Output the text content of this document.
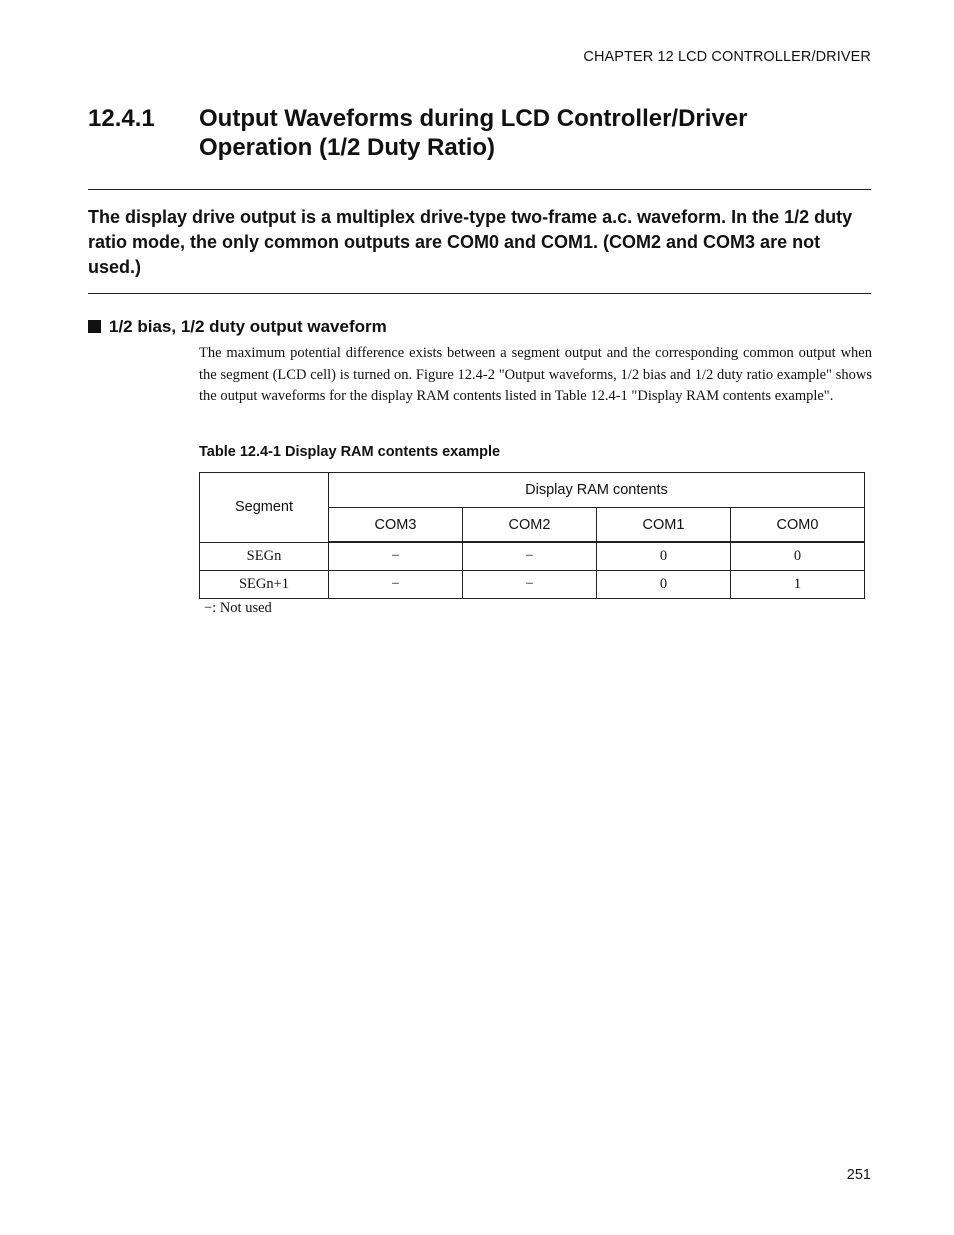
CHAPTER 12 LCD CONTROLLER/DRIVER
12.4.1 Output Waveforms during LCD Controller/Driver Operation (1/2 Duty Ratio)
The display drive output is a multiplex drive-type two-frame a.c. waveform. In the 1/2 duty ratio mode, the only common outputs are COM0 and COM1. (COM2 and COM3 are not used.)
1/2 bias, 1/2 duty output waveform
The maximum potential difference exists between a segment output and the corresponding common output when the segment (LCD cell) is turned on. Figure 12.4-2 "Output waveforms, 1/2 bias and 1/2 duty ratio example" shows the output waveforms for the display RAM contents listed in Table 12.4-1 "Display RAM contents example".
Table 12.4-1 Display RAM contents example
Segment	Display RAM contents			
	COM3	COM2	COM1	COM0
SEGn	−	−	0	0
SEGn+1	−	−	0	1
−: Not used
251
